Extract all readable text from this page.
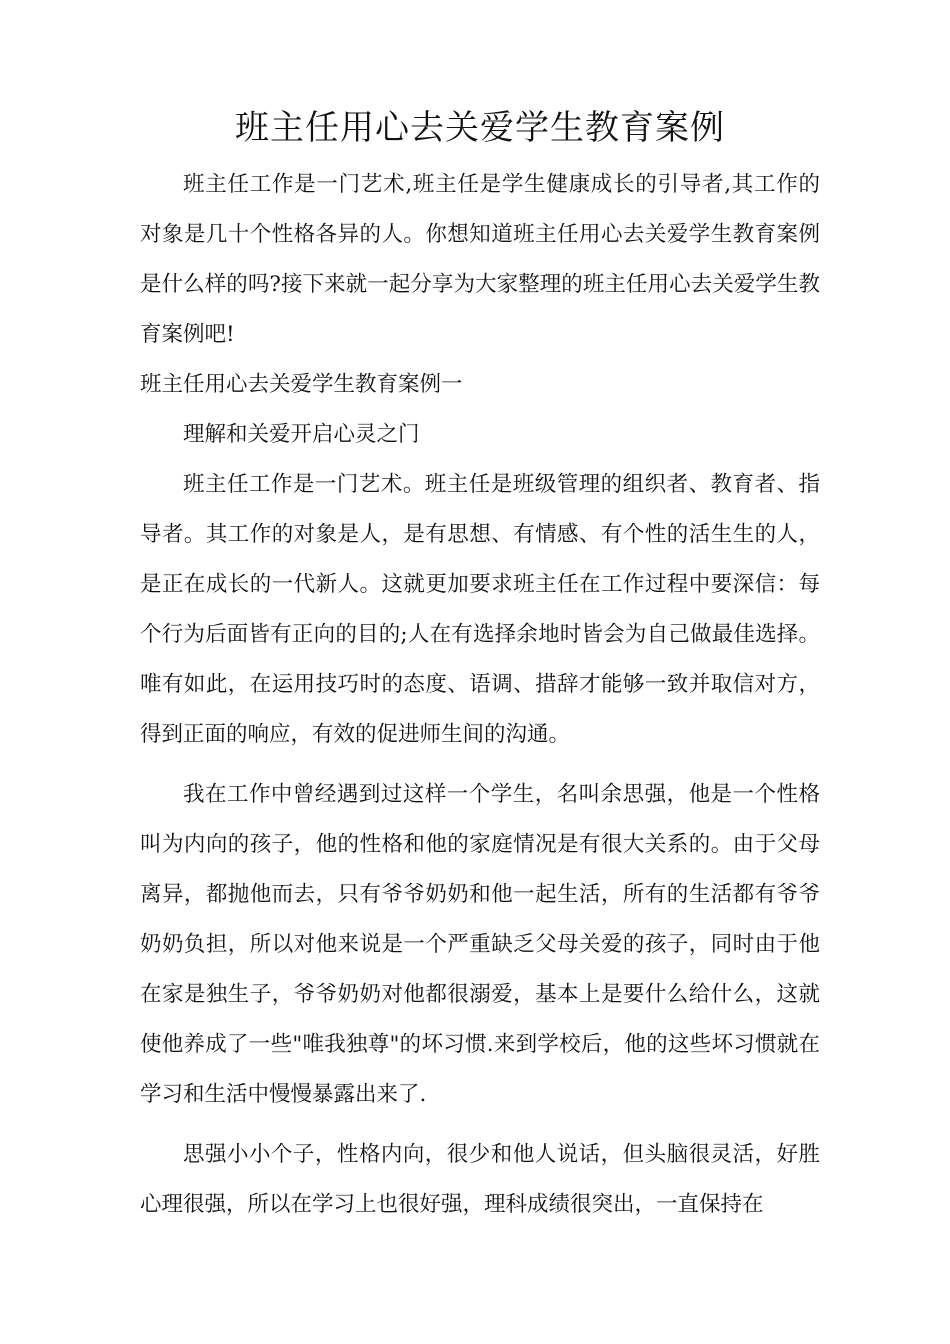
班主任用心去关爱学生教育案例

班主任工作是一门艺术,班主任是学生健康成长的引导者,其工作的对象是几十个性格各异的人。你想知道班主任用心去关爱学生教育案例是什么样的吗?接下来就一起分享为大家整理的班主任用心去关爱学生教育案例吧!

班主任用心去关爱学生教育案例一

理解和关爱开启心灵之门

班主任工作是一门艺术。班主任是班级管理的组织者、教育者、指导者。其工作的对象是人，是有思想、有情感、有个性的活生生的人，是正在成长的一代新人。这就更加要求班主任在工作过程中要深信：每个行为后面皆有正向的目的;人在有选择余地时皆会为自己做最佳选择。唯有如此，在运用技巧时的态度、语调、措辞才能够一致并取信对方，得到正面的响应，有效的促进师生间的沟通。

我在工作中曾经遇到过这样一个学生，名叫余思强，他是一个性格叫为内向的孩子，他的性格和他的家庭情况是有很大关系的。由于父母离异，都抛他而去，只有爷爷奶奶和他一起生活，所有的生活都有爷爷奶奶负担，所以对他来说是一个严重缺乏父母关爱的孩子，同时由于他在家是独生子，爷爷奶奶对他都很溺爱，基本上是要什么给什么，这就使他养成了一些"唯我独尊"的坏习惯.来到学校后，他的这些坏习惯就在学习和生活中慢慢暴露出来了.

思强小小个子，性格内向，很少和他人说话，但头脑很灵活，好胜心理很强，所以在学习上也很好强，理科成绩很突出，一直保持在
